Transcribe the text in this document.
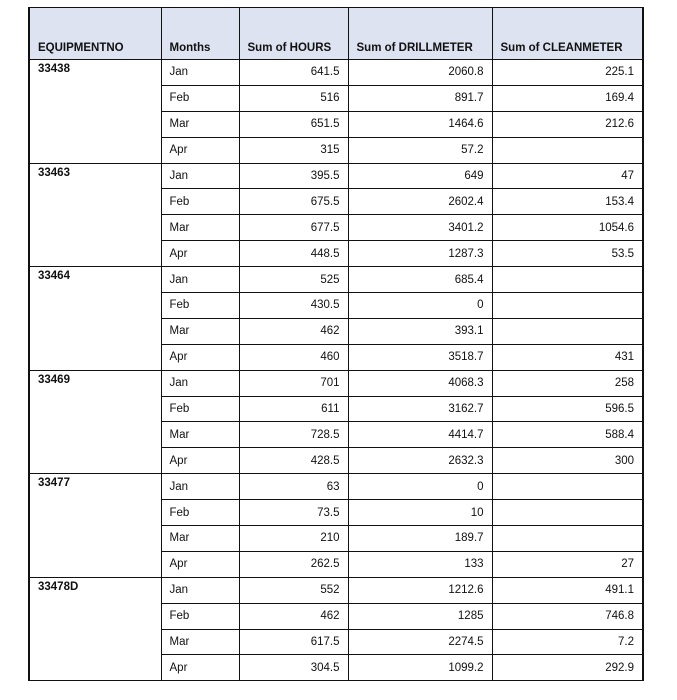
EQUIPMENTNO	Months	Sum of HOURS	Sum of DRILLMETER	Sum of CLEANMETER
33438	Jan	641.5	2060.8	225.1
	Feb	516	891.7	169.4
	Mar	651.5	1464.6	212.6
	Apr	315	57.2	
33463	Jan	395.5	649	47
	Feb	675.5	2602.4	153.4
	Mar	677.5	3401.2	1054.6
	Apr	448.5	1287.3	53.5
33464	Jan	525	685.4	
	Feb	430.5	0	
	Mar	462	393.1	
	Apr	460	3518.7	431
33469	Jan	701	4068.3	258
	Feb	611	3162.7	596.5
	Mar	728.5	4414.7	588.4
	Apr	428.5	2632.3	300
33477	Jan	63	0	
	Feb	73.5	10	
	Mar	210	189.7	
	Apr	262.5	133	27
33478D	Jan	552	1212.6	491.1
	Feb	462	1285	746.8
	Mar	617.5	2274.5	7.2
	Apr	304.5	1099.2	292.9
